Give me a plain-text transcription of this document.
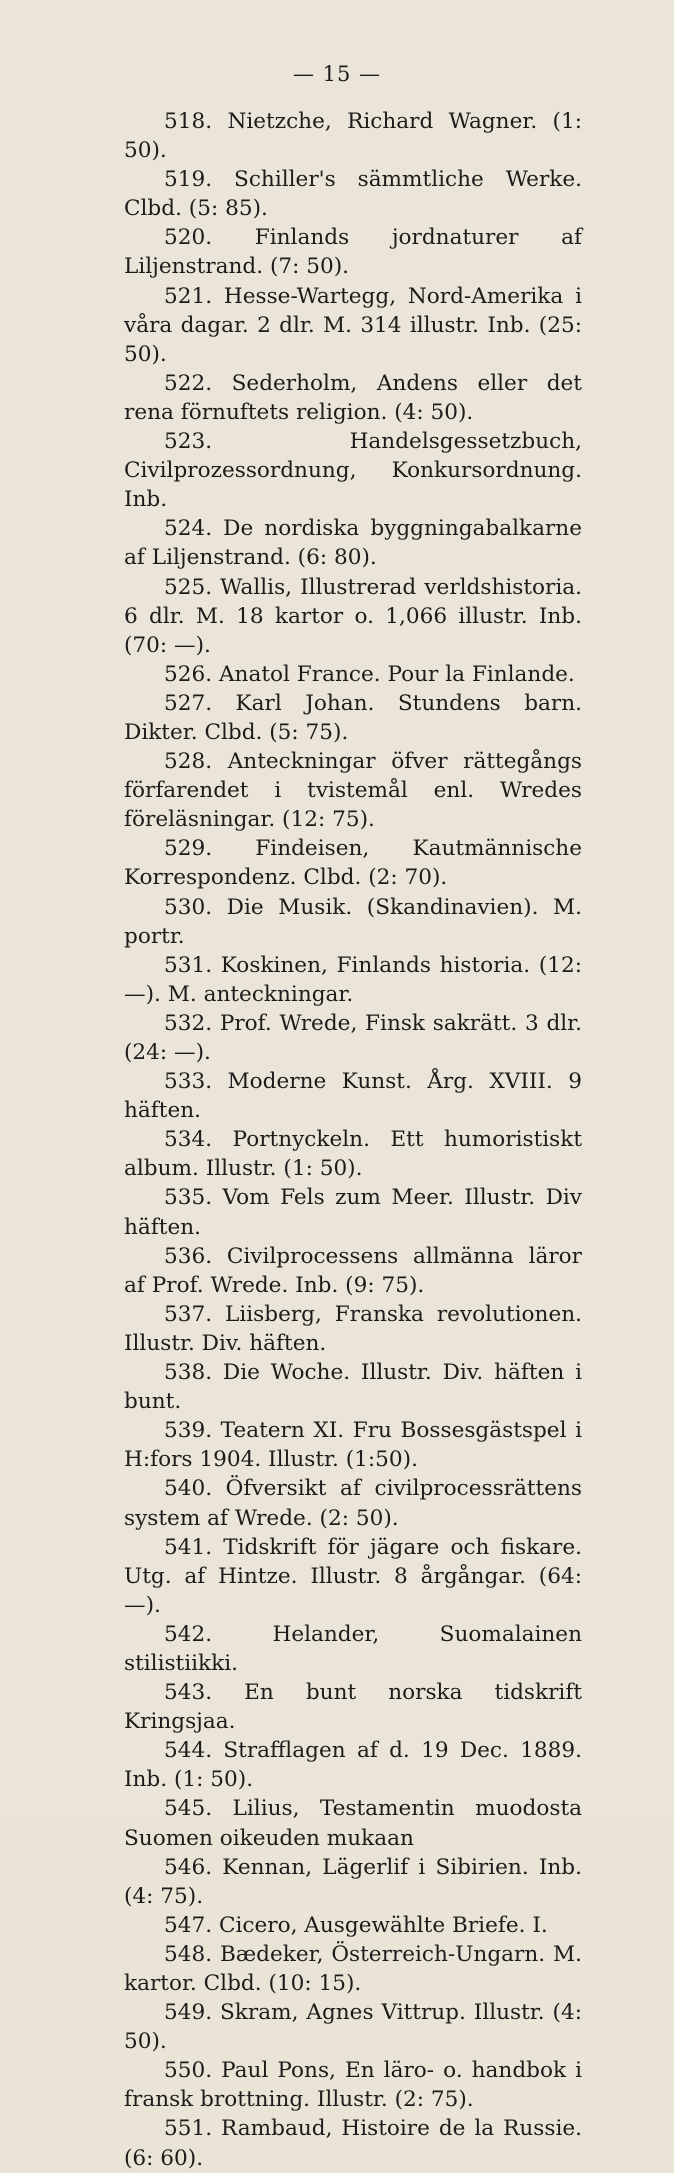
— 15 —

518. Nietzche, Richard Wagner. (1: 50).

519. Schiller's sämmtliche Werke. Clbd. (5: 85).

520. Finlands jordnaturer af Liljenstrand. (7: 50).

521. Hesse-Wartegg, Nord-Amerika i våra dagar. 2 dlr. M. 314 illustr. Inb. (25: 50).

522. Sederholm, Andens eller det rena förnuftets religion. (4: 50).

523. Handelsgessetzbuch, Civilprozessordnung, Konkursordnung. Inb.

524. De nordiska byggningabalkarne af Liljenstrand. (6: 80).

525. Wallis, Illustrerad verldshistoria. 6 dlr. M. 18 kartor o. 1,066 illustr. Inb. (70: —).

526. Anatol France. Pour la Finlande.

527. Karl Johan. Stundens barn. Dikter. Clbd. (5: 75).

528. Anteckningar öfver rättegångs förfarendet i tvistemål enl. Wredes föreläsningar. (12: 75).

529. Findeisen, Kautmännische Korrespondenz. Clbd. (2: 70).

530. Die Musik. (Skandinavien). M. portr.

531. Koskinen, Finlands historia. (12: —). M. anteckningar.

532. Prof. Wrede, Finsk sakrätt. 3 dlr. (24: —).

533. Moderne Kunst. Årg. XVIII. 9 häften.

534. Portnyckeln. Ett humoristiskt album. Illustr. (1: 50).

535. Vom Fels zum Meer. Illustr. Div häften.

536. Civilprocessens allmänna läror af Prof. Wrede. Inb. (9: 75).

537. Liisberg, Franska revolutionen. Illustr. Div. häften.

538. Die Woche. Illustr. Div. häften i bunt.

539. Teatern XI. Fru Bossesgästspel i H:fors 1904. Illustr. (1:50).

540. Öfversikt af civilprocessrättens system af Wrede. (2: 50).

541. Tidskrift för jägare och fiskare. Utg. af Hintze. Illustr. 8 årgångar. (64: —).

542. Helander, Suomalainen stilistiikki.

543. En bunt norska tidskrift Kringsjaa.

544. Strafflagen af d. 19 Dec. 1889. Inb. (1: 50).

545. Lilius, Testamentin muodosta Suomen oikeuden mukaan

546. Kennan, Lägerlif i Sibirien. Inb. (4: 75).

547. Cicero, Ausgewählte Briefe. I.

548. Bædeker, Österreich-Ungarn. M. kartor. Clbd. (10: 15).

549. Skram, Agnes Vittrup. Illustr. (4: 50).

550. Paul Pons, En läro- o. handbok i fransk brottning. Illustr. (2: 75).

551. Rambaud, Histoire de la Russie. (6: 60).
